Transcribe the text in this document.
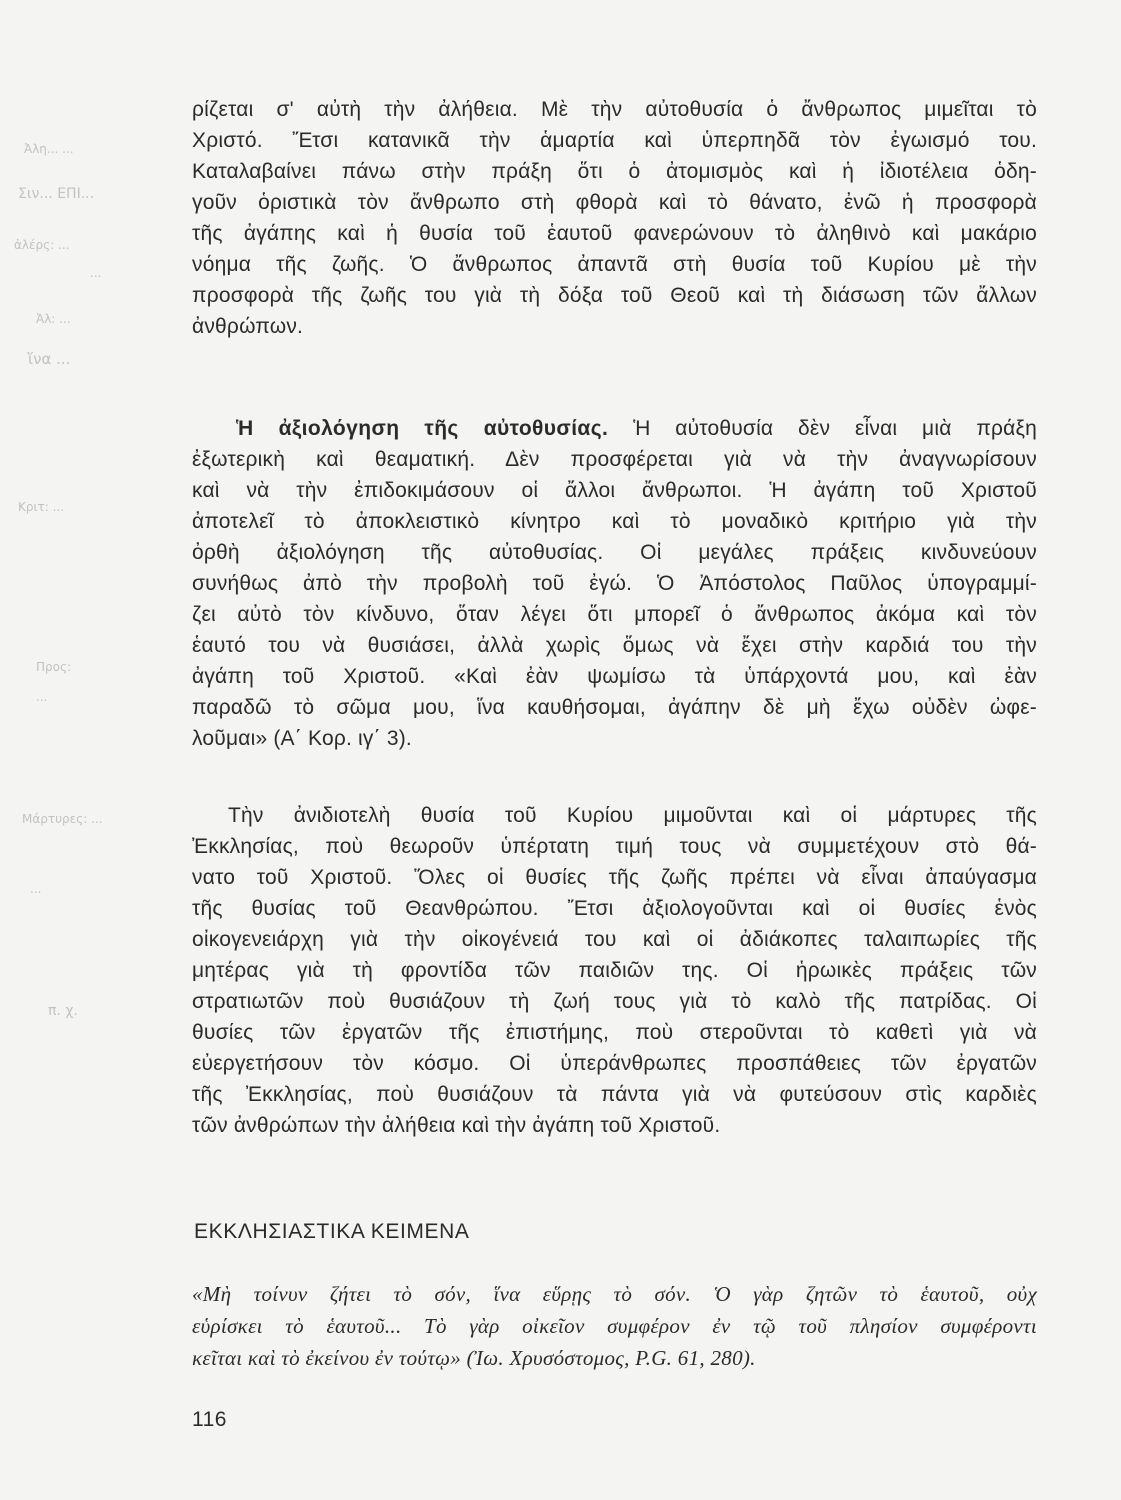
Ἀλη... ...
Σιν... ΕΠΙ...
ἀλέρς: ...
...
Ἀλ: ...
ἵνα ...
Κριτ: ...
Προς:
...
Μάρτυρες: ...
...
π. χ.
ρίζεται σ' αὐτὴ τὴν ἀλήθεια. Μὲ τὴν αὐτοθυσία ὁ ἄνθρωπος μιμεῖται τὸ
Χριστό. Ἔτσι κατανικᾶ τὴν ἁμαρτία καὶ ὑπερπηδᾶ τὸν ἐγωισμό του.
Καταλαβαίνει πάνω στὴν πράξη ὅτι ὁ ἀτομισμὸς καὶ ἡ ἰδιοτέλεια ὁδη-
γοῦν ὁριστικὰ τὸν ἄνθρωπο στὴ φθορὰ καὶ τὸ θάνατο, ἐνῶ ἡ προσφορὰ
τῆς ἀγάπης καὶ ἡ θυσία τοῦ ἑαυτοῦ φανερώνουν τὸ ἀληθινὸ καὶ μακάριο
νόημα τῆς ζωῆς. Ὁ ἄνθρωπος ἀπαντᾶ στὴ θυσία τοῦ Κυρίου μὲ τὴν
προσφορὰ τῆς ζωῆς του γιὰ τὴ δόξα τοῦ Θεοῦ καὶ τὴ διάσωση τῶν ἄλλων
ἀνθρώπων.
Ἡ ἀξιολόγηση τῆς αὐτοθυσίας. Ἡ αὐτοθυσία δὲν εἶναι μιὰ πράξη
ἐξωτερικὴ καὶ θεαματική. Δὲν προσφέρεται γιὰ νὰ τὴν ἀναγνωρίσουν
καὶ νὰ τὴν ἐπιδοκιμάσουν οἱ ἄλλοι ἄνθρωποι. Ἡ ἀγάπη τοῦ Χριστοῦ
ἀποτελεῖ τὸ ἀποκλειστικὸ κίνητρο καὶ τὸ μοναδικὸ κριτήριο γιὰ τὴν
ὀρθὴ ἀξιολόγηση τῆς αὐτοθυσίας. Οἱ μεγάλες πράξεις κινδυνεύουν
συνήθως ἀπὸ τὴν προβολὴ τοῦ ἐγώ. Ὁ Ἀπόστολος Παῦλος ὑπογραμμί-
ζει αὐτὸ τὸν κίνδυνο, ὅταν λέγει ὅτι μπορεῖ ὁ ἄνθρωπος ἀκόμα καὶ τὸν
ἑαυτό του νὰ θυσιάσει, ἀλλὰ χωρὶς ὅμως νὰ ἔχει στὴν καρδιά του τὴν
ἀγάπη τοῦ Χριστοῦ. «Καὶ ἐὰν ψωμίσω τὰ ὑπάρχοντά μου, καὶ ἐὰν
παραδῶ τὸ σῶμα μου, ἵνα καυθήσομαι, ἀγάπην δὲ μὴ ἔχω οὐδὲν ὠφε-
λοῦμαι» (Α΄ Κορ. ιγ΄ 3).
Τὴν ἀνιδιοτελὴ θυσία τοῦ Κυρίου μιμοῦνται καὶ οἱ μάρτυρες τῆς
Ἐκκλησίας, ποὺ θεωροῦν ὑπέρτατη τιμή τους νὰ συμμετέχουν στὸ θά-
νατο τοῦ Χριστοῦ. Ὅλες οἱ θυσίες τῆς ζωῆς πρέπει νὰ εἶναι ἀπαύγασμα
τῆς θυσίας τοῦ Θεανθρώπου. Ἔτσι ἀξιολογοῦνται καὶ οἱ θυσίες ἑνὸς
οἰκογενειάρχη γιὰ τὴν οἰκογένειά του καὶ οἱ ἀδιάκοπες ταλαιπωρίες τῆς
μητέρας γιὰ τὴ φροντίδα τῶν παιδιῶν της. Οἱ ἡρωικὲς πράξεις τῶν
στρατιωτῶν ποὺ θυσιάζουν τὴ ζωή τους γιὰ τὸ καλὸ τῆς πατρίδας. Οἱ
θυσίες τῶν ἐργατῶν τῆς ἐπιστήμης, ποὺ στεροῦνται τὸ καθετὶ γιὰ νὰ
εὐεργετήσουν τὸν κόσμο. Οἱ ὑπεράνθρωπες προσπάθειες τῶν ἐργατῶν
τῆς Ἐκκλησίας, ποὺ θυσιάζουν τὰ πάντα γιὰ νὰ φυτεύσουν στὶς καρδιὲς
τῶν ἀνθρώπων τὴν ἀλήθεια καὶ τὴν ἀγάπη τοῦ Χριστοῦ.
ΕΚΚΛΗΣΙΑΣΤΙΚΑ ΚΕΙΜΕΝΑ
«Μὴ τοίνυν ζήτει τὸ σόν, ἵνα εὕρῃς τὸ σόν. Ὁ γὰρ ζητῶν τὸ ἑαυτοῦ, οὐχ
εὑρίσκει τὸ ἑαυτοῦ... Τὸ γὰρ οἰκεῖον συμφέρον ἐν τῷ τοῦ πλησίον συμφέροντι
κεῖται καὶ τὸ ἐκείνου ἐν τούτῳ» (Ἰω. Χρυσόστομος, P.G. 61, 280).
116
